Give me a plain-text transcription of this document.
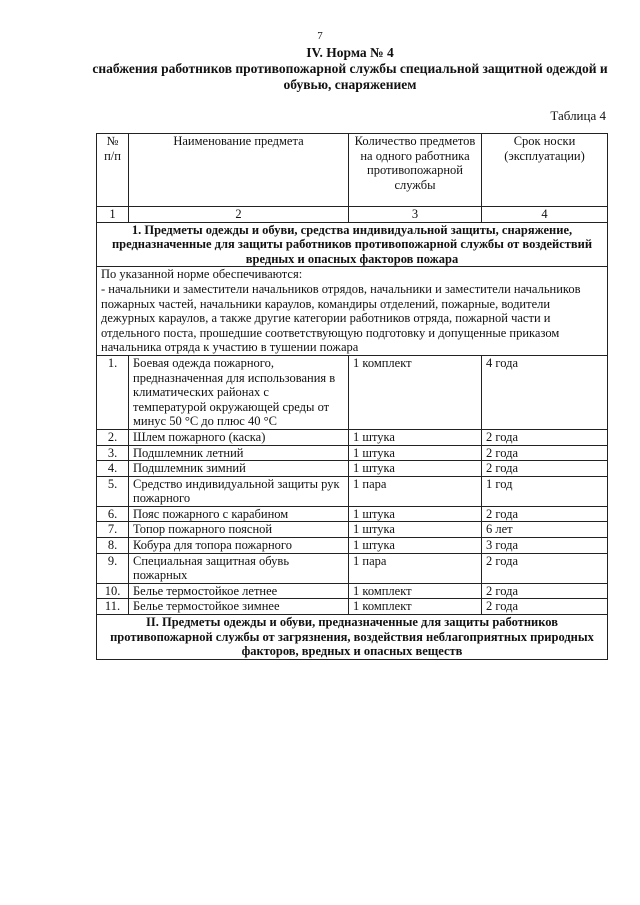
7
IV. Норма № 4
снабжения работников противопожарной службы специальной защитной одеждой и обувью, снаряжением
Таблица 4
№ п/п	Наименование предмета	Количество предметов на одного работника противопожарной службы	Срок носки (эксплуатации)
1	2	3	4
1. Предметы одежды и обуви, средства индивидуальной защиты, снаряжение, предназначенные для защиты работников противопожарной службы от воздействий вредных и опасных факторов пожара			

По указанной норме обеспечиваются:
- начальники и заместители начальников отрядов, начальники и заместители начальников пожарных частей, начальники караулов, командиры отделений, пожарные, водители дежурных караулов, а также другие категории работников отряда, пожарной части и отдельного поста, прошедшие соответствующую подготовку и допущенные приказом начальника отряда к участию в тушении пожара			

1.	Боевая одежда пожарного, предназначенная для использования в климатических районах с температурой окружающей среды от минус 50 °С до плюс 40 °С	1 комплект	4 года
2.	Шлем пожарного (каска)	1 штука	2 года
3.	Подшлемник летний	1 штука	2 года
4.	Подшлемник зимний	1 штука	2 года
5.	Средство индивидуальной защиты рук пожарного	1 пара	1 год
6.	Пояс пожарного с карабином	1 штука	2 года
7.	Топор пожарного поясной	1 штука	6 лет
8.	Кобура для топора пожарного	1 штука	3 года
9.	Специальная защитная обувь пожарных	1 пара	2 года
10.	Белье термостойкое летнее	1 комплект	2 года
11.	Белье термостойкое зимнее	1 комплект	2 года
II. Предметы одежды и обуви, предназначенные для защиты работников противопожарной службы от загрязнения, воздействия неблагоприятных природных факторов, вредных и опасных веществ			
